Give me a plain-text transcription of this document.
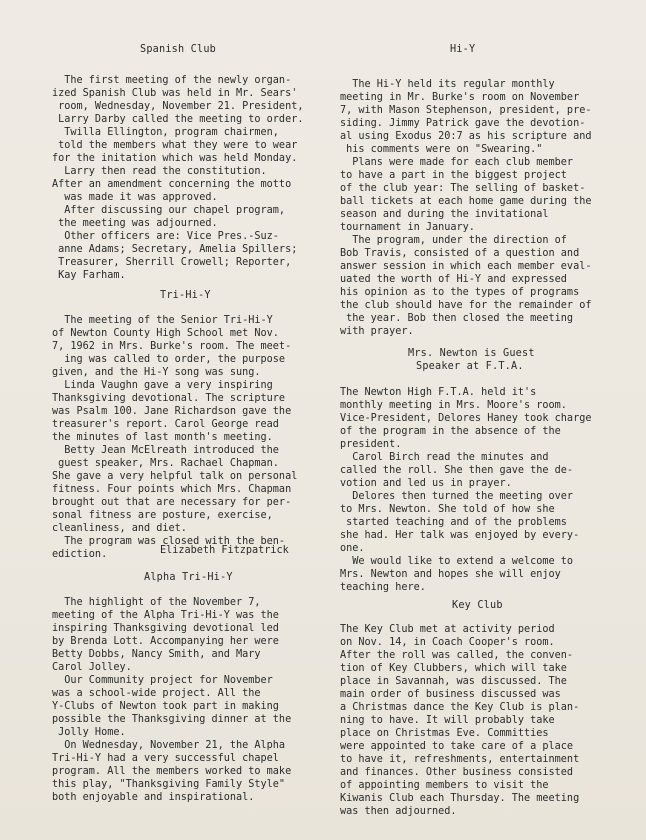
Spanish Club
The first meeting of the newly organ-
ized Spanish Club was held in Mr. Sears'
room, Wednesday, November 21. President,
Larry Darby called the meeting to order.
Twilla Ellington, program chairmen,
told the members what they were to wear
for the initation which was held Monday.
Larry then read the constitution.
After an amendment concerning the motto
was made it was approved.
After discussing our chapel program,
the meeting was adjourned.
Other officers are: Vice Pres.-Suz-
anne Adams; Secretary, Amelia Spillers;
Treasurer, Sherrill Crowell; Reporter,
Kay Farham.
Tri-Hi-Y
The meeting of the Senior Tri-Hi-Y
of Newton County High School met Nov.
7, 1962 in Mrs. Burke's room. The meet-
ing was called to order, the purpose
given, and the Hi-Y song was sung.
Linda Vaughn gave a very inspiring
Thanksgiving devotional. The scripture
was Psalm 100. Jane Richardson gave the
treasurer's report. Carol George read
the minutes of last month's meeting.
Betty Jean McElreath introduced the
guest speaker, Mrs. Rachael Chapman.
She gave a very helpful talk on personal
fitness. Four points which Mrs. Chapman
brought out that are necessary for per-
sonal fitness are posture, exercise,
cleanliness, and diet.
The program was closed with the ben-
ediction.	Elizabeth Fitzpatrick
Alpha Tri-Hi-Y
The highlight of the November 7,
meeting of the Alpha Tri-Hi-Y was the
inspiring Thanksgiving devotional led
by Brenda Lott. Accompanying her were
Betty Dobbs, Nancy Smith, and Mary
Carol Jolley.
Our Community project for November
was a school-wide project. All the
Y-Clubs of Newton took part in making
possible the Thanksgiving dinner at the
Jolly Home.
On Wednesday, November 21, the Alpha
Tri-Hi-Y had a very successful chapel
program. All the members worked to make
this play, "Thanksgiving Family Style"
both enjoyable and inspirational.
Hi-Y
The Hi-Y held its regular monthly
meeting in Mr. Burke's room on November
7, with Mason Stephenson, president, pre-
siding. Jimmy Patrick gave the devotion-
al using Exodus 20:7 as his scripture and
his comments were on "Swearing."
Plans were made for each club member
to have a part in the biggest project
of the club year: The selling of basket-
ball tickets at each home game during the
season and during the invitational
tournament in January.
The program, under the direction of
Bob Travis, consisted of a question and
answer session in which each member eval-
uated the worth of Hi-Y and expressed
his opinion as to the types of programs
the club should have for the remainder of
the year. Bob then closed the meeting
with prayer.
Mrs. Newton is Guest
Speaker at F.T.A.
The Newton High F.T.A. held it's
monthly meeting in Mrs. Moore's room.
Vice-President, Delores Haney took charge
of the program in the absence of the
president.
Carol Birch read the minutes and
called the roll. She then gave the de-
votion and led us in prayer.
Delores then turned the meeting over
to Mrs. Newton. She told of how she
started teaching and of the problems
she had. Her talk was enjoyed by every-
one.
We would like to extend a welcome to
Mrs. Newton and hopes she will enjoy
teaching here.
Key Club
The Key Club met at activity period
on Nov. 14, in Coach Cooper's room.
After the roll was called, the conven-
tion of Key Clubbers, which will take
place in Savannah, was discussed. The
main order of business discussed was
a Christmas dance the Key Club is plan-
ning to have. It will probably take
place on Christmas Eve. Committies
were appointed to take care of a place
to have it, refreshments, entertainment
and finances. Other business consisted
of appointing members to visit the
Kiwanis Club each Thursday. The meeting
was then adjourned.
